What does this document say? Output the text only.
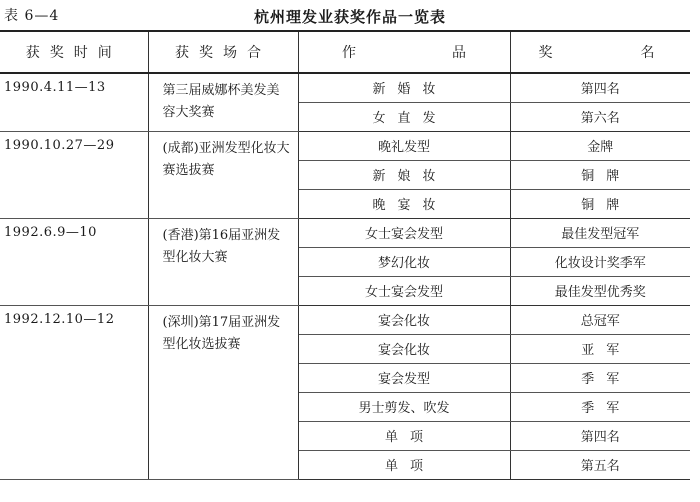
表 6—4	杭州理发业获奖作品一览表
获奖时间	获奖场合	作 品	奖 名
1990.4.11—13	第三届威娜杯美发美容大奖赛	新婚妆	第四名
		女直发	第六名
1990.10.27—29	(成都)亚洲发型化妆大赛选拔赛	晚礼发型	金牌
		新娘妆	铜牌
		晚宴妆	铜牌
1992.6.9—10	(香港)第16届亚洲发型化妆大赛	女士宴会发型	最佳发型冠军
		梦幻化妆	化妆设计奖季军
		女士宴会发型	最佳发型优秀奖
1992.12.10—12	(深圳)第17届亚洲发型化妆选拔赛	宴会化妆	总冠军
		宴会化妆	亚军
		宴会发型	季军
		男士剪发、吹发	季军
		单项	第四名
		单项	第五名
